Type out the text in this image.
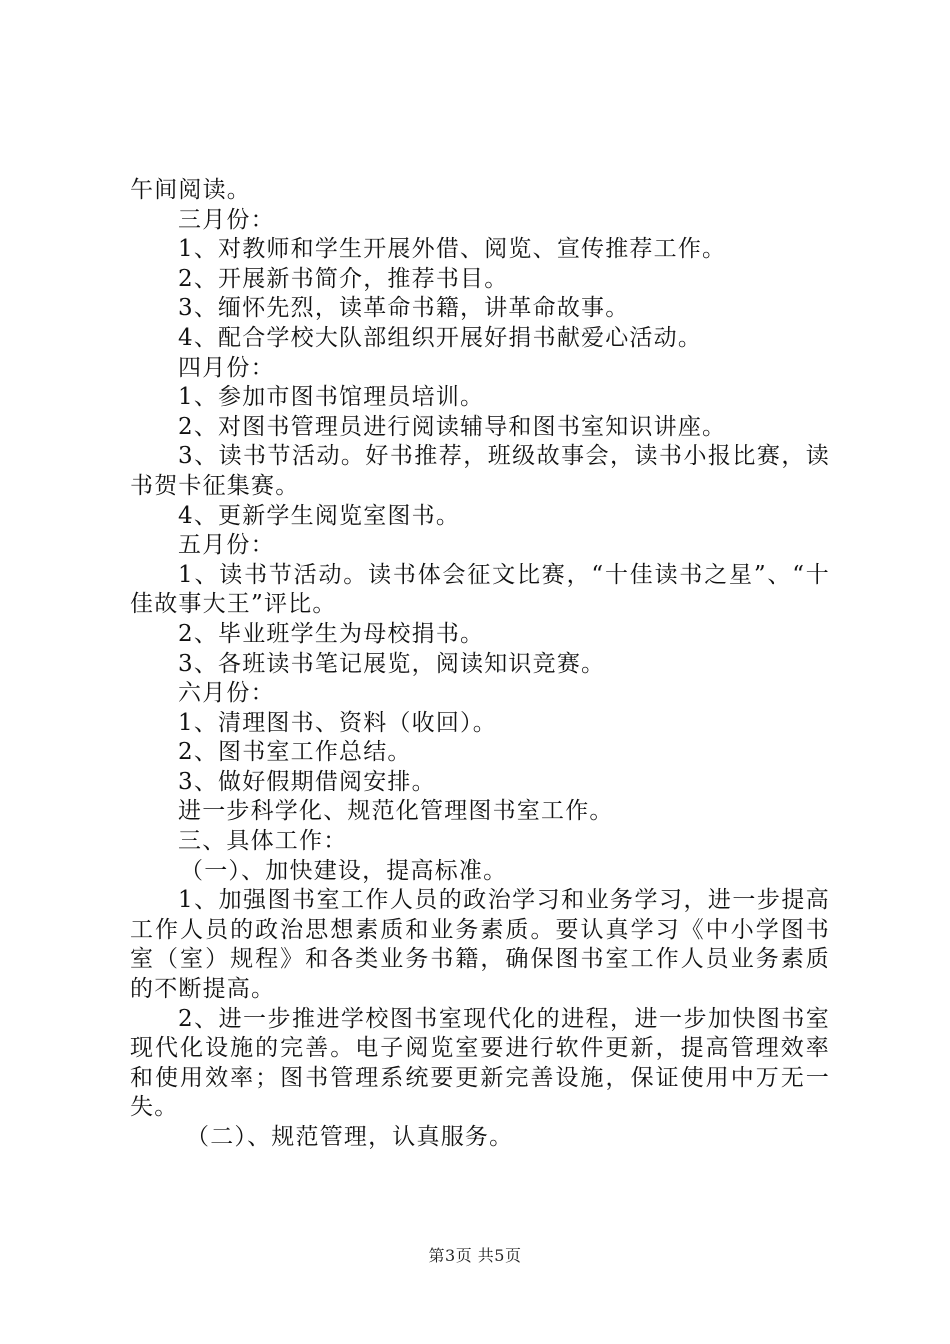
午间阅读。

三月份：

1、对教师和学生开展外借、阅览、宣传推荐工作。

2、开展新书简介，推荐书目。

3、缅怀先烈，读革命书籍，讲革命故事。

4、配合学校大队部组织开展好捐书献爱心活动。

四月份：

1、参加市图书馆理员培训。

2、对图书管理员进行阅读辅导和图书室知识讲座。

3、读书节活动。好书推荐，班级故事会，读书小报比赛，读书贺卡征集赛。

4、更新学生阅览室图书。

五月份：

1、读书节活动。读书体会征文比赛，“十佳读书之星”、“十佳故事大王”评比。

2、毕业班学生为母校捐书。

3、各班读书笔记展览，阅读知识竞赛。

六月份：

1、清理图书、资料（收回）。

2、图书室工作总结。

3、做好假期借阅安排。

进一步科学化、规范化管理图书室工作。

三、具体工作：

（一）、加快建设，提高标准。

1、加强图书室工作人员的政治学习和业务学习，进一步提高工作人员的政治思想素质和业务素质。要认真学习《中小学图书室（室）规程》和各类业务书籍，确保图书室工作人员业务素质的不断提高。

2、进一步推进学校图书室现代化的进程，进一步加快图书室现代化设施的完善。电子阅览室要进行软件更新，提高管理效率和使用效率；图书管理系统要更新完善设施，保证使用中万无一失。

（二）、规范管理，认真服务。

第3页 共5页
